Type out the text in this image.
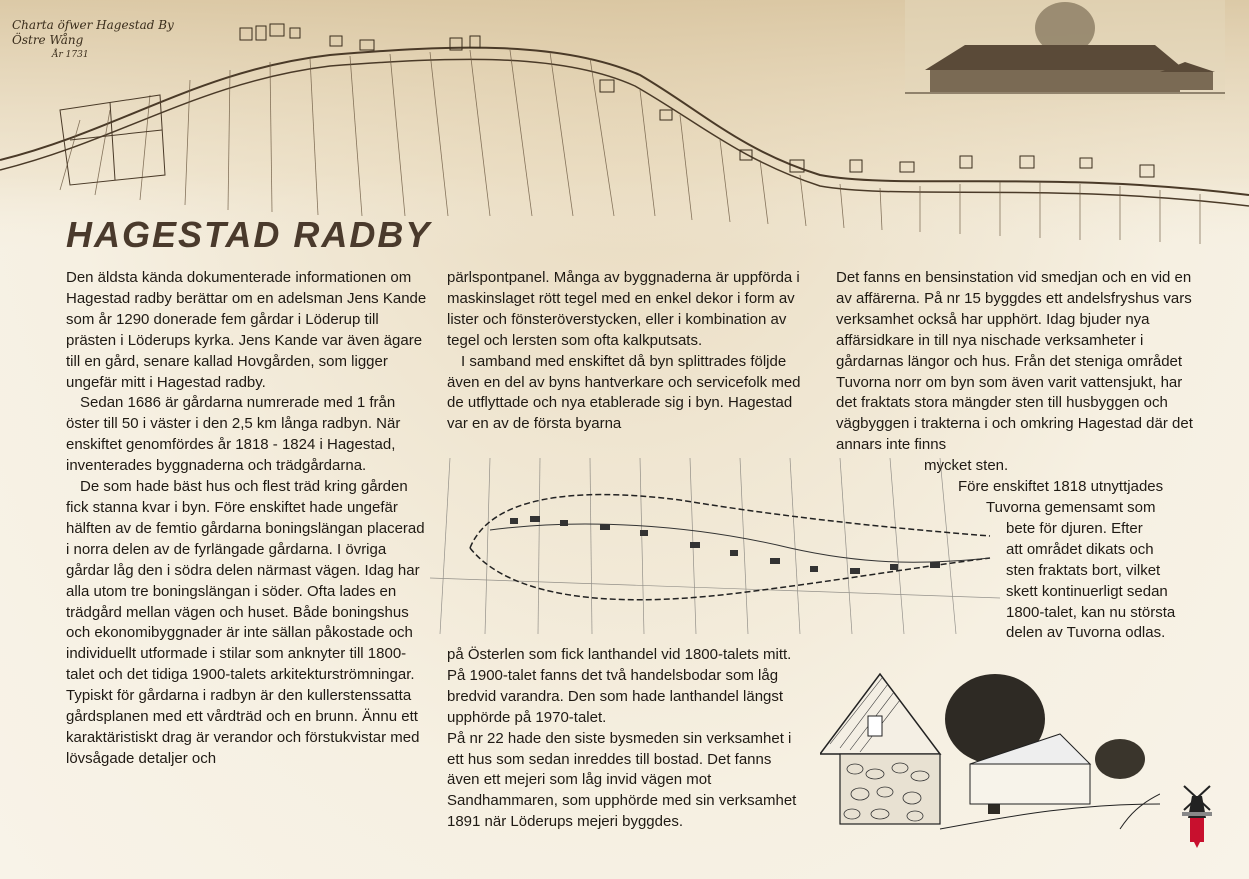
Charta öfwer Hagestad By
Östre Wång
År 1731
HAGESTAD RADBY

Den äldsta kända dokumenterade informationen om Hagestad radby berättar om en adelsman Jens Kande som år 1290 donerade fem gårdar i Löderup till prästen i Löderups kyrka. Jens Kande var även ägare till en gård, senare kallad Hovgården, som ligger ungefär mitt i Hagestad radby.

Sedan 1686 är gårdarna numrerade med 1 från öster till 50 i väster i den 2,5 km långa radbyn. När enskiftet genomfördes år 1818 - 1824 i Hagestad, inventerades byggnaderna och trädgårdarna.

De som hade bäst hus och flest träd kring gården fick stanna kvar i byn. Före enskiftet hade ungefär hälften av de femtio gårdarna boningslängan placerad i norra delen av de fyrlängade gårdarna. I övriga gårdar låg den i södra delen närmast vägen. Idag har alla utom tre boningslängan i söder. Ofta lades en trädgård mellan vägen och huset. Både boningshus och ekonomibyggnader är inte sällan påkostade och individuellt utformade i stilar som anknyter till 1800-talet och det tidiga 1900-talets arkitekturströmningar.

Typiskt för gårdarna i radbyn är den kullerstenssatta gårdsplanen med ett vårdträd och en brunn. Ännu ett karaktäristiskt drag är verandor och förstukvistar med lövsågade detaljer och

pärlspontpanel. Många av byggnaderna är uppförda i maskinslaget rött tegel med en enkel dekor i form av lister och fönsteröverstycken, eller i kombination av tegel och lersten som ofta kalkputsats.

I samband med enskiftet då byn splittrades följde även en del av byns hantverkare och servicefolk med de utflyttade och nya etablerade sig i byn. Hagestad var en av de första byarna

på Österlen som fick lanthandel vid 1800-talets mitt. På 1900-talet fanns det två handelsbodar som låg bredvid varandra. Den som hade lanthandel längst upphörde på 1970-talet.

På nr 22 hade den siste bysmeden sin verksamhet i ett hus som sedan inreddes till bostad. Det fanns även ett mejeri som låg invid vägen mot Sandhammaren, som upphörde med sin verksamhet 1891 när Löderups mejeri byggdes.

Det fanns en bensinstation vid smedjan och en vid en av affärerna. På nr 15 byggdes ett andelsfryshus vars verksamhet också har upphört. Idag bjuder nya affärsidkare in till nya nischade verksamheter i gårdarnas längor och hus. Från det steniga området Tuvorna norr om byn som även varit vattensjukt, har det fraktats stora mängder sten till husbyggen och vägbyggen i trakterna i och omkring Hagestad där det annars inte finns

mycket sten.

Före enskiftet 1818 utnyttjades
Tuvorna gemensamt som
bete för djuren. Efter
att området dikats och
sten fraktats bort, vilket
skett kontinuerligt sedan
1800-talet, kan nu största
delen av Tuvorna odlas.
